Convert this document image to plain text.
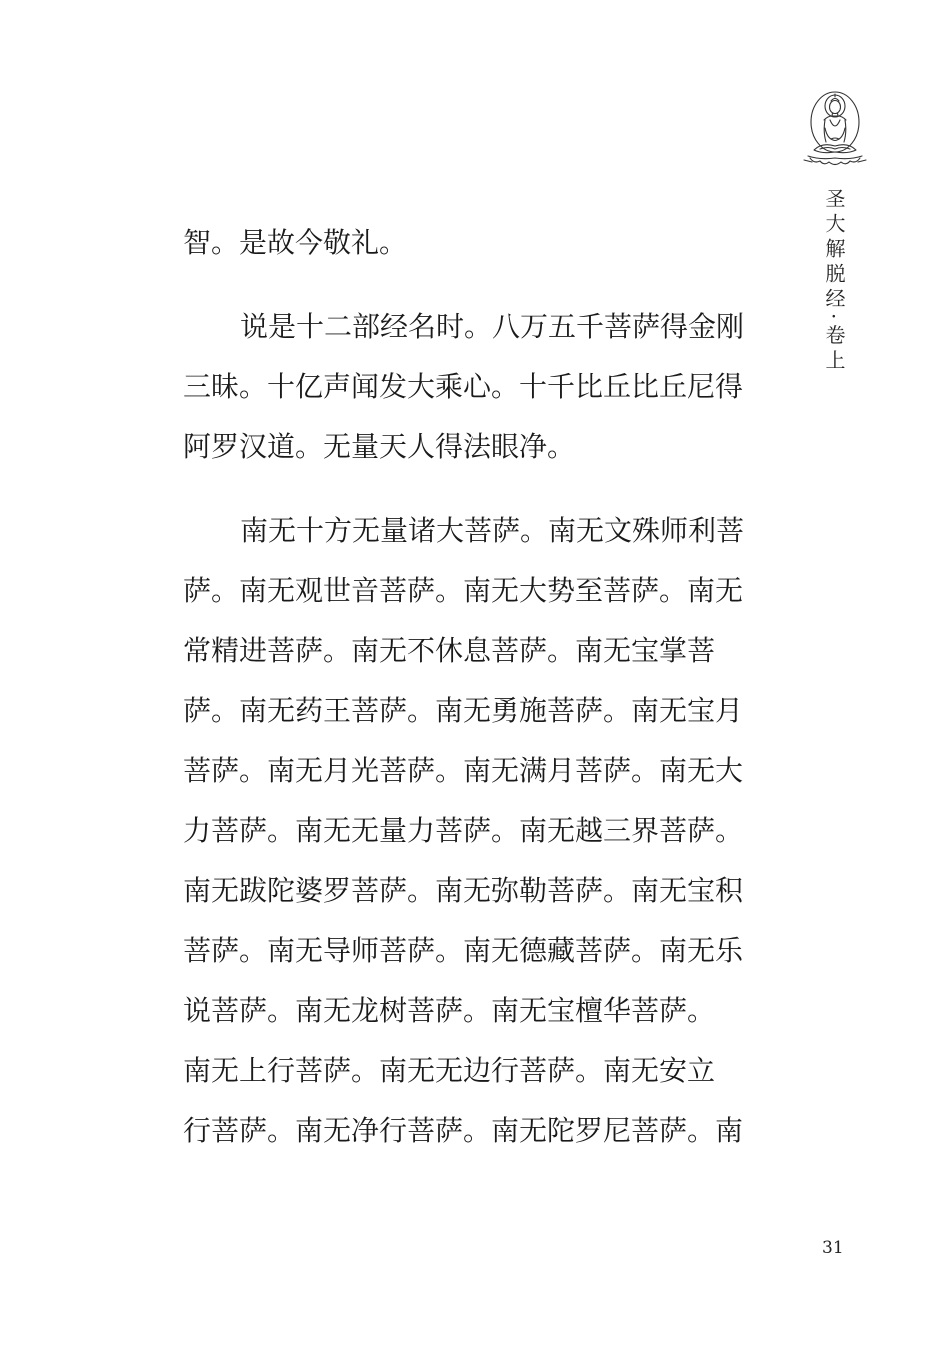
圣大解脱经·卷上
智。是故今敬礼。
说是十二部经名时。八万五千菩萨得金刚
三昧。十亿声闻发大乘心。十千比丘比丘尼得
阿罗汉道。无量天人得法眼净。
南无十方无量诸大菩萨。南无文殊师利菩
萨。南无观世音菩萨。南无大势至菩萨。南无
常精进菩萨。南无不休息菩萨。南无宝掌菩
萨。南无药王菩萨。南无勇施菩萨。南无宝月
菩萨。南无月光菩萨。南无满月菩萨。南无大
力菩萨。南无无量力菩萨。南无越三界菩萨。
南无跋陀婆罗菩萨。南无弥勒菩萨。南无宝积
菩萨。南无导师菩萨。南无德藏菩萨。南无乐
说菩萨。南无龙树菩萨。南无宝檀华菩萨。
南无上行菩萨。南无无边行菩萨。南无安立
行菩萨。南无净行菩萨。南无陀罗尼菩萨。南
31
